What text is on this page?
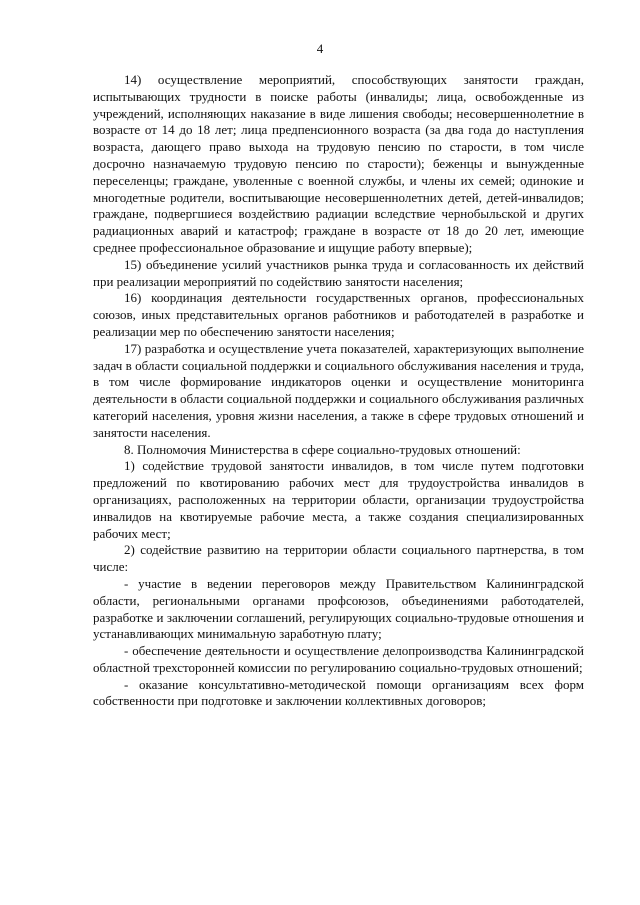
4

14) осуществление мероприятий, способствующих занятости граждан, испытывающих трудности в поиске работы (инвалиды; лица, освобожденные из учреждений, исполняющих наказание в виде лишения свободы; несовершеннолетние в возрасте от 14 до 18 лет; лица предпенсионного возраста (за два года до наступления возраста, дающего право выхода на трудовую пенсию по старости, в том числе досрочно назначаемую трудовую пенсию по старости); беженцы и вынужденные переселенцы; граждане, уволенные с военной службы, и члены их семей; одинокие и многодетные родители, воспитывающие несовершеннолетних детей, детей-инвалидов; граждане, подвергшиеся воздействию радиации вследствие чернобыльской и других радиационных аварий и катастроф; граждане в возрасте от 18 до 20 лет, имеющие среднее профессиональное образование и ищущие работу впервые);

15) объединение усилий участников рынка труда и согласованность их действий при реализации мероприятий по содействию занятости населения;

16) координация деятельности государственных органов, профессиональных союзов, иных представительных органов работников и работодателей в разработке и реализации мер по обеспечению занятости населения;

17) разработка и осуществление учета показателей, характеризующих выполнение задач в области социальной поддержки и социального обслуживания населения и труда, в том числе формирование индикаторов оценки и осуществление мониторинга деятельности в области социальной поддержки и социального обслуживания различных категорий населения, уровня жизни населения, а также в сфере трудовых отношений и занятости населения.

8. Полномочия Министерства в сфере социально-трудовых отношений:

1) содействие трудовой занятости инвалидов, в том числе путем подготовки предложений по квотированию рабочих мест для трудоустройства инвалидов в организациях, расположенных на территории области, организации трудоустройства инвалидов на квотируемые рабочие места, а также создания специализированных рабочих мест;

2) содействие развитию на территории области социального партнерства, в том числе:

- участие в ведении переговоров между Правительством Калининградской области, региональными органами профсоюзов, объединениями работодателей, разработке и заключении соглашений, регулирующих социально-трудовые отношения и устанавливающих минимальную заработную плату;

- обеспечение деятельности и осуществление делопроизводства Калининградской областной трехсторонней комиссии по регулированию социально-трудовых отношений;

- оказание консультативно-методической помощи организациям всех форм собственности при подготовке и заключении коллективных договоров;
